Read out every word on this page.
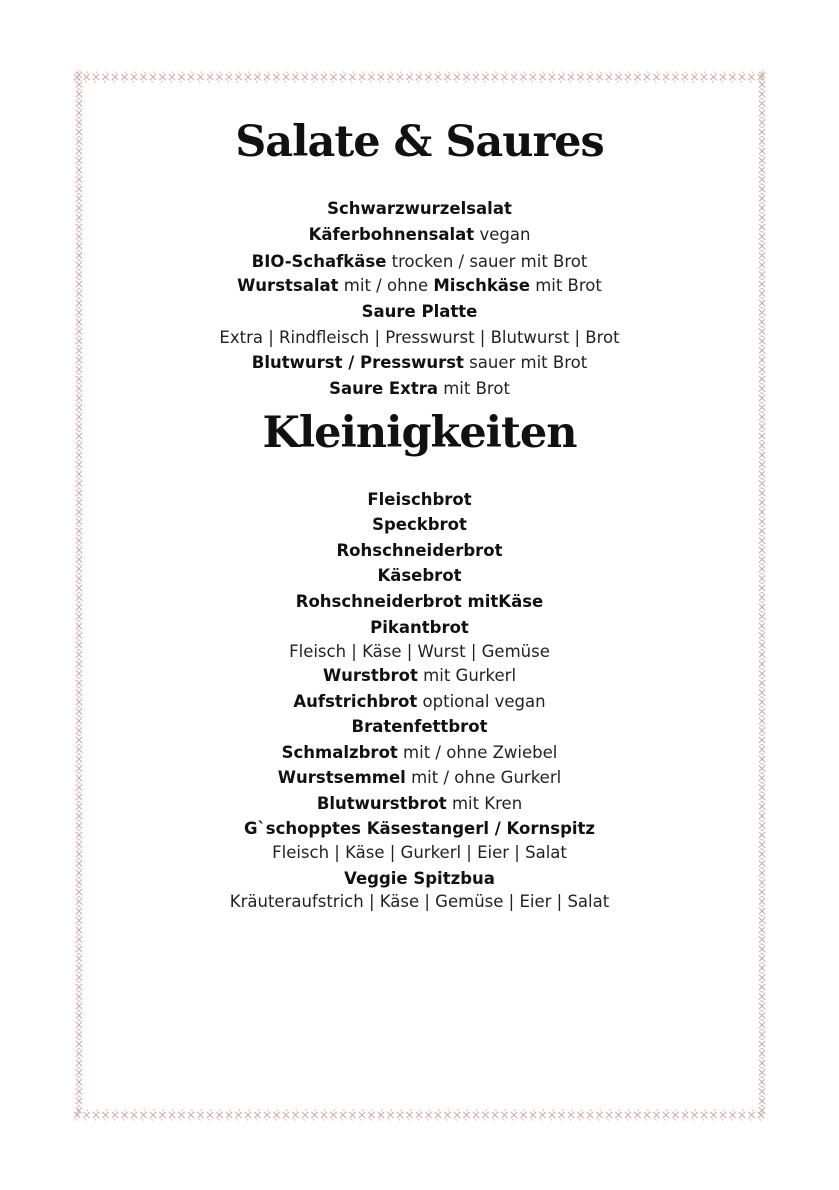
Salate & Saures
Schwarzwurzelsalat
Käferbohnensalat vegan
BIO-Schafkäse trocken / sauer mit Brot
Wurstsalat mit / ohne Mischkäse mit Brot
Saure Platte
Extra | Rindfleisch | Presswurst | Blutwurst | Brot
Blutwurst / Presswurst sauer mit Brot
Saure Extra mit Brot
Kleinigkeiten
Fleischbrot
Speckbrot
Rohschneiderbrot
Käsebrot
Rohschneiderbrot mitKäse
Pikantbrot
Fleisch | Käse | Wurst | Gemüse
Wurstbrot mit Gurkerl
Aufstrichbrot optional vegan
Bratenfettbrot
Schmalzbrot mit / ohne Zwiebel
Wurstsemmel mit / ohne Gurkerl
Blutwurstbrot mit Kren
G`schopptes Käsestangerl / Kornspitz
Fleisch | Käse | Gurkerl | Eier | Salat
Veggie Spitzbua
Kräuteraufstrich | Käse | Gemüse | Eier | Salat
